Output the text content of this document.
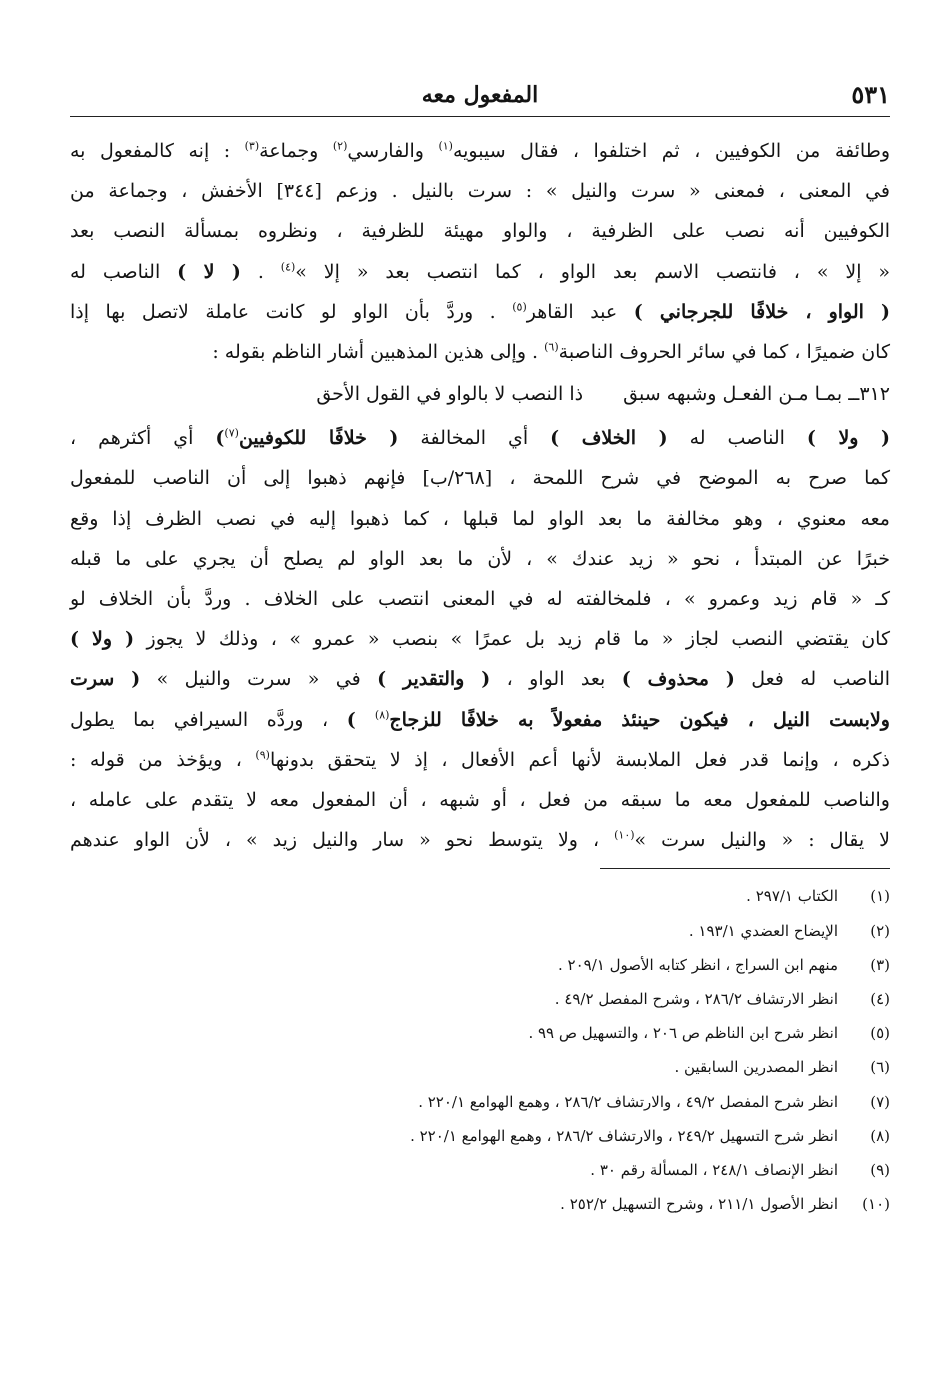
٥٣١
المفعول معه

وطائفة من الكوفيين ، ثم اختلفوا ، فقال سيبويه$^{(١)}$ والفارسي$^{(٢)}$ وجماعة$^{(٣)}$ : إنه كالمفعول به

في المعنى ، فمعنى « سرت والنيل » : سرت بالنيل . وزعم [٣٤٤] الأخفش ، وجماعة من

الكوفيين أنه نصب على الظرفية ، والواو مهيئة للظرفية ، ونظروه بمسألة النصب بعد

« إلا » ، فانتصب الاسم بعد الواو ، كما انتصب بعد « إلا »$^{(٤)}$ . ( لا ) الناصب له

( الواو ، خلافًا للجرجاني ) عبد القاهر$^{(٥)}$ . وردَّ بأن الواو لو كانت عاملة لاتصل بها إذا

كان ضميرًا ، كما في سائر الحروف الناصبة$^{(٦)}$ . وإلى هذين المذهبين أشار الناظم بقوله :

٣١٢ــ بمـا مـن الفعـل وشبهه سبق
ذا النصب لا بالواو في القول الأحق

( ولا ) الناصب له ( الخلاف ) أي المخالفة ( خلافًا للكوفيين$^{(٧)}$) أي أكثرهم ،

كما صرح به الموضح في شرح اللمحة ، [٢٦٨/ب] فإنهم ذهبوا إلى أن الناصب للمفعول

معه معنوي ، وهو مخالفة ما بعد الواو لما قبلها ، كما ذهبوا إليه في نصب الظرف إذا وقع

خبرًا عن المبتدأ ، نحو « زيد عندك » ، لأن ما بعد الواو لم يصلح أن يجري على ما قبله

كـ « قام زيد وعمرو » ، فلمخالفته له في المعنى انتصب على الخلاف . وردَّ بأن الخلاف لو

كان يقتضي النصب لجاز « ما قام زيد بل عمرًا » بنصب « عمرو » ، وذلك لا يجوز ( ولا )

الناصب له فعل ( محذوف ) بعد الواو ، ( والتقدير ) في « سرت والنيل » ( سرت

ولابست النيل ، فيكون حينئذ مفعولاً به خلافًا للزجاج$^{(٨)}$ ) ، وردَّه السيرافي بما يطول

ذكره ، وإنما قدر فعل الملابسة لأنها أعم الأفعال ، إذ لا يتحقق بدونها$^{(٩)}$ ، ويؤخذ من قوله :

والناصب للمفعول معه ما سبقه من فعل ، أو شبهه ، أن المفعول معه لا يتقدم على عامله ،

لا يقال : « والنيل سرت »$^{(١٠)}$ ، ولا يتوسط نحو « سار والنيل زيد » ، لأن الواو عندهم

(١)
الكتاب ٢٩٧/١ .
(٢)
الإيضاح العضدي ١٩٣/١ .
(٣)
منهم ابن السراج ، انظر كتابه الأصول ٢٠٩/١ .
(٤)
انظر الارتشاف ٢٨٦/٢ ، وشرح المفصل ٤٩/٢ .
(٥)
انظر شرح ابن الناظم ص ٢٠٦ ، والتسهيل ص ٩٩ .
(٦)
انظر المصدرين السابقين .
(٧)
انظر شرح المفصل ٤٩/٢ ، والارتشاف ٢٨٦/٢ ، وهمع الهوامع ٢٢٠/١ .
(٨)
انظر شرح التسهيل ٢٤٩/٢ ، والارتشاف ٢٨٦/٢ ، وهمع الهوامع ٢٢٠/١ .
(٩)
انظر الإنصاف ٢٤٨/١ ، المسألة رقم ٣٠ .
(١٠)
انظر الأصول ٢١١/١ ، وشرح التسهيل ٢٥٢/٢ .
